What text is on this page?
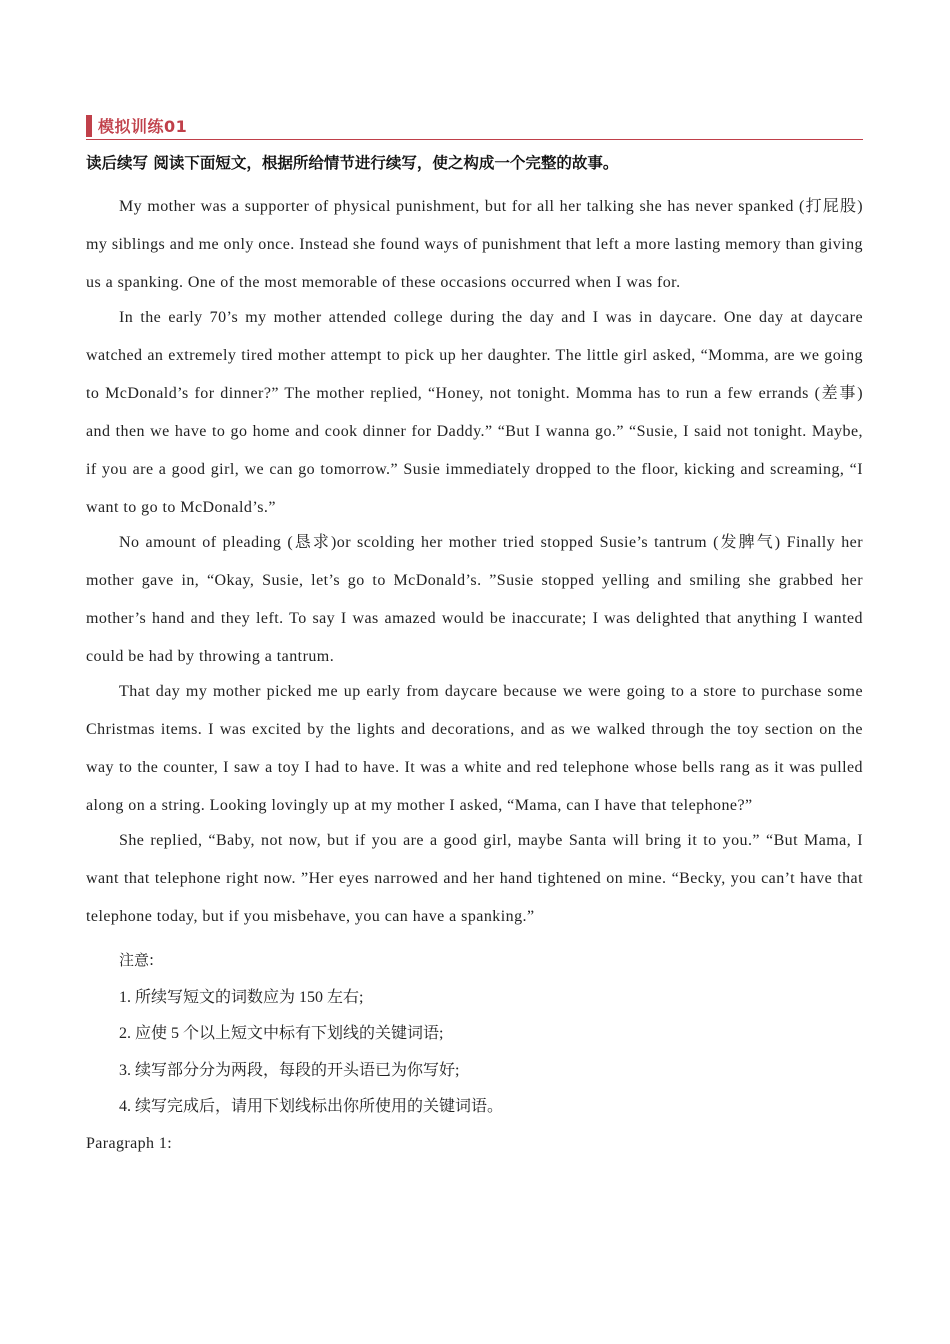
模拟训练01
读后续写 阅读下面短文，根据所给情节进行续写，使之构成一个完整的故事。

My mother was a supporter of physical punishment, but for all her talking she has never spanked (打屁股) my siblings and me only once. Instead she found ways of punishment that left a more lasting memory than giving us a spanking. One of the most memorable of these occasions occurred when I was for.

In the early 70’s my mother attended college during the day and I was in daycare. One day at daycare watched an extremely tired mother attempt to pick up her daughter. The little girl asked, “Momma, are we going to McDonald’s for dinner?” The mother replied, “Honey, not tonight. Momma has to run a few errands (差事) and then we have to go home and cook dinner for Daddy.” “But I wanna go.” “Susie, I said not tonight. Maybe, if you are a good girl, we can go tomorrow.” Susie immediately dropped to the floor, kicking and screaming, “I want to go to McDonald’s.”

No amount of pleading (恳求)or scolding her mother tried stopped Susie’s tantrum (发脾气) Finally her mother gave in, “Okay, Susie, let’s go to McDonald’s. ”Susie stopped yelling and smiling she grabbed her mother’s hand and they left. To say I was amazed would be inaccurate; I was delighted that anything I wanted could be had by throwing a tantrum.

That day my mother picked me up early from daycare because we were going to a store to purchase some Christmas items. I was excited by the lights and decorations, and as we walked through the toy section on the way to the counter, I saw a toy I had to have. It was a white and red telephone whose bells rang as it was pulled along on a string. Looking lovingly up at my mother I asked, “Mama, can I have that telephone?”

She replied, “Baby, not now, but if you are a good girl, maybe Santa will bring it to you.” “But Mama, I want that telephone right now. ”Her eyes narrowed and her hand tightened on mine. “Becky, you can’t have that telephone today, but if you misbehave, you can have a spanking.”

注意:
1. 所续写短文的词数应为 150 左右;
2. 应使 5 个以上短文中标有下划线的关键词语;
3. 续写部分分为两段，每段的开头语已为你写好;
4. 续写完成后，请用下划线标出你所使用的关键词语。
Paragraph 1:
